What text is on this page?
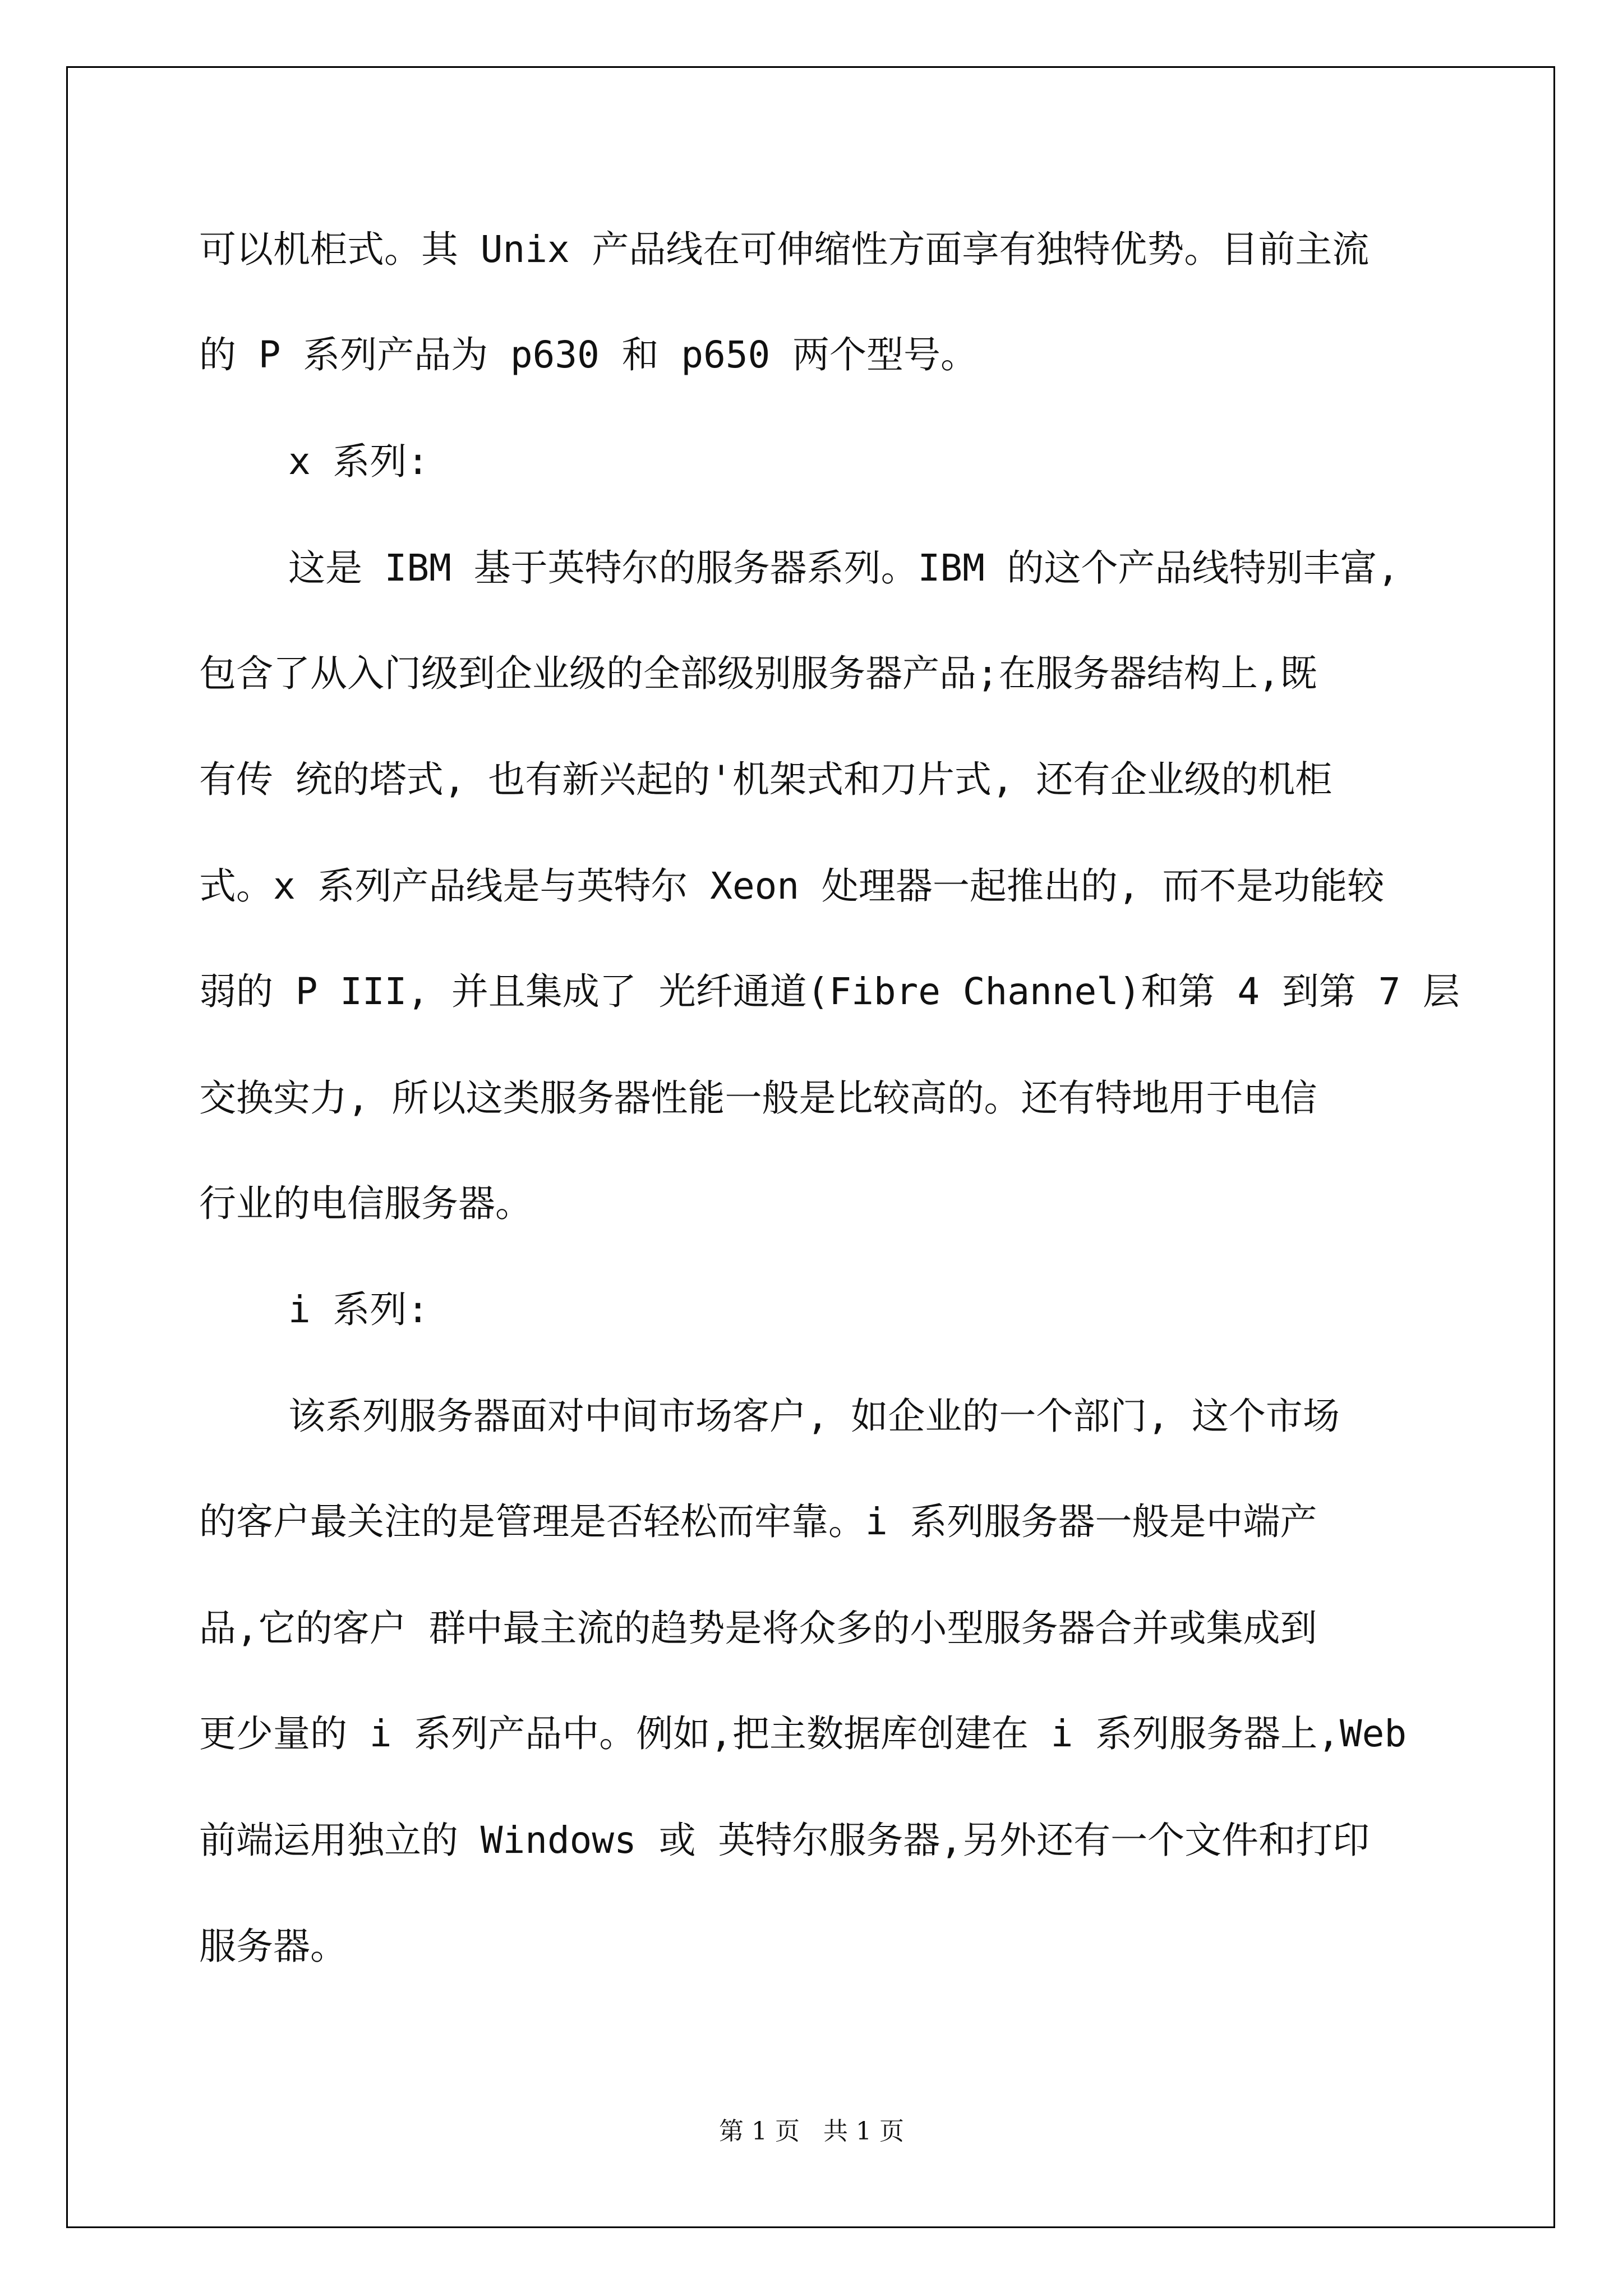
可以机柜式。其 Unix 产品线在可伸缩性方面享有独特优势。目前主流

的 P 系列产品为 p630 和 p650 两个型号。

x 系列:

这是 IBM 基于英特尔的服务器系列。IBM 的这个产品线特别丰富,

包含了从入门级到企业级的全部级别服务器产品;在服务器结构上,既

有传 统的塔式, 也有新兴起的'机架式和刀片式, 还有企业级的机柜

式。x 系列产品线是与英特尔 Xeon 处理器一起推出的, 而不是功能较

弱的 P III, 并且集成了 光纤通道(Fibre Channel)和第 4 到第 7 层

交换实力, 所以这类服务器性能一般是比较高的。还有特地用于电信

行业的电信服务器。

i 系列:

该系列服务器面对中间市场客户, 如企业的一个部门, 这个市场

的客户最关注的是管理是否轻松而牢靠。i 系列服务器一般是中端产

品,它的客户 群中最主流的趋势是将众多的小型服务器合并或集成到

更少量的 i 系列产品中。例如,把主数据库创建在 i 系列服务器上,Web

前端运用独立的 Windows 或 英特尔服务器,另外还有一个文件和打印

服务器。

第 1 页   共 1 页
